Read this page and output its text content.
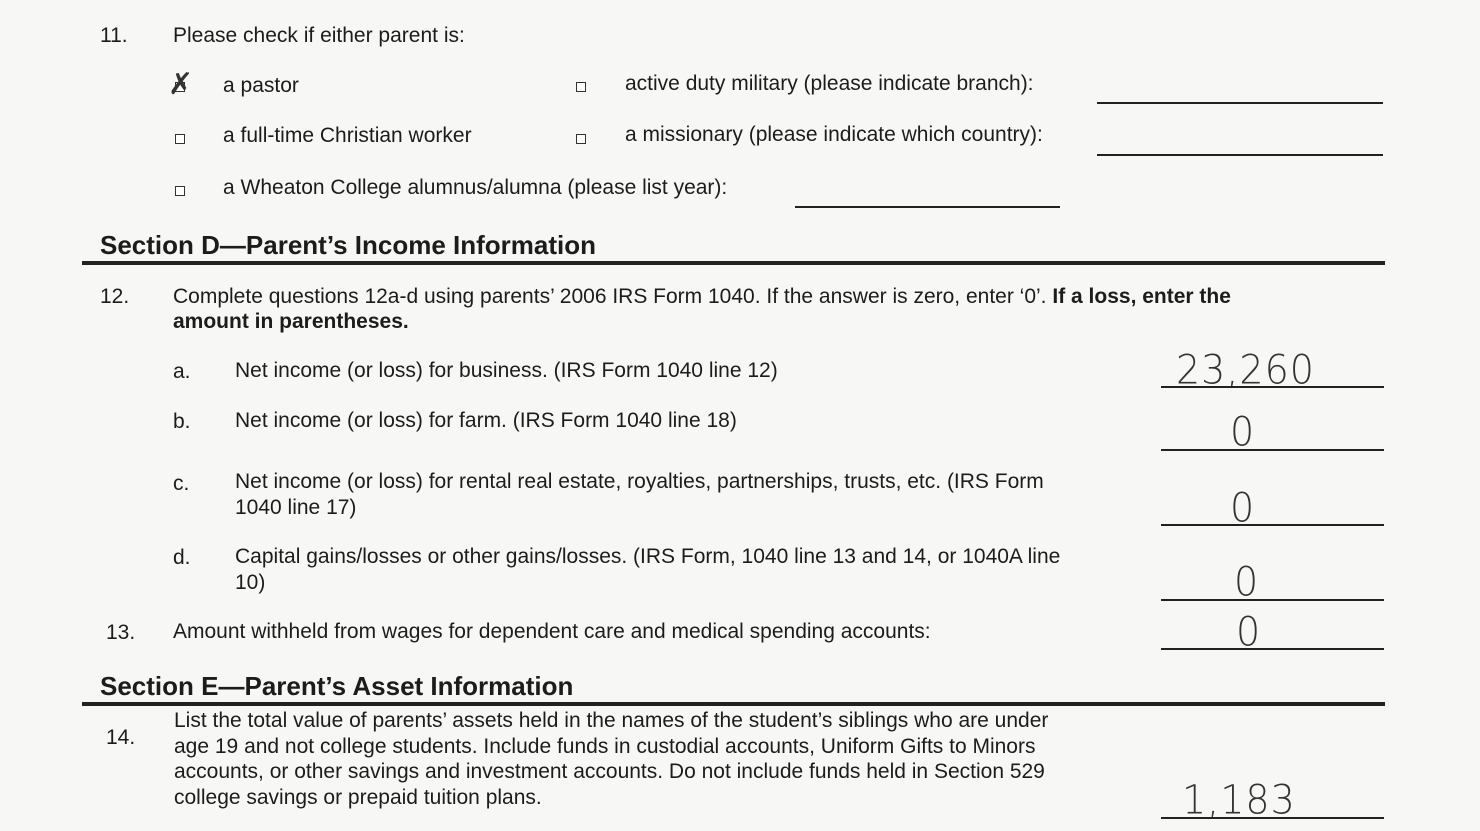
11. Please check if either parent is:
✗ a pastor	active duty military (please indicate branch):
a full-time Christian worker	a missionary (please indicate which country):
a Wheaton College alumnus/alumna (please list year):
Section D—Parent’s Income Information
12. Complete questions 12a-d using parents’ 2006 IRS Form 1040. If the answer is zero, enter ‘0’. If a loss, enter the
amount in parentheses.
a. Net income (or loss) for business. (IRS Form 1040 line 12)	23,260
b. Net income (or loss) for farm. (IRS Form 1040 line 18)	0
c. Net income (or loss) for rental real estate, royalties, partnerships, trusts, etc. (IRS Form
1040 line 17)	0
d. Capital gains/losses or other gains/losses. (IRS Form, 1040 line 13 and 14, or 1040A line
10)	0
13. Amount withheld from wages for dependent care and medical spending accounts:	0
Section E—Parent’s Asset Information
14.
List the total value of parents’ assets held in the names of the student’s siblings who are under
age 19 and not college students. Include funds in custodial accounts, Uniform Gifts to Minors
accounts, or other savings and investment accounts. Do not include funds held in Section 529
college savings or prepaid tuition plans.	1,183
